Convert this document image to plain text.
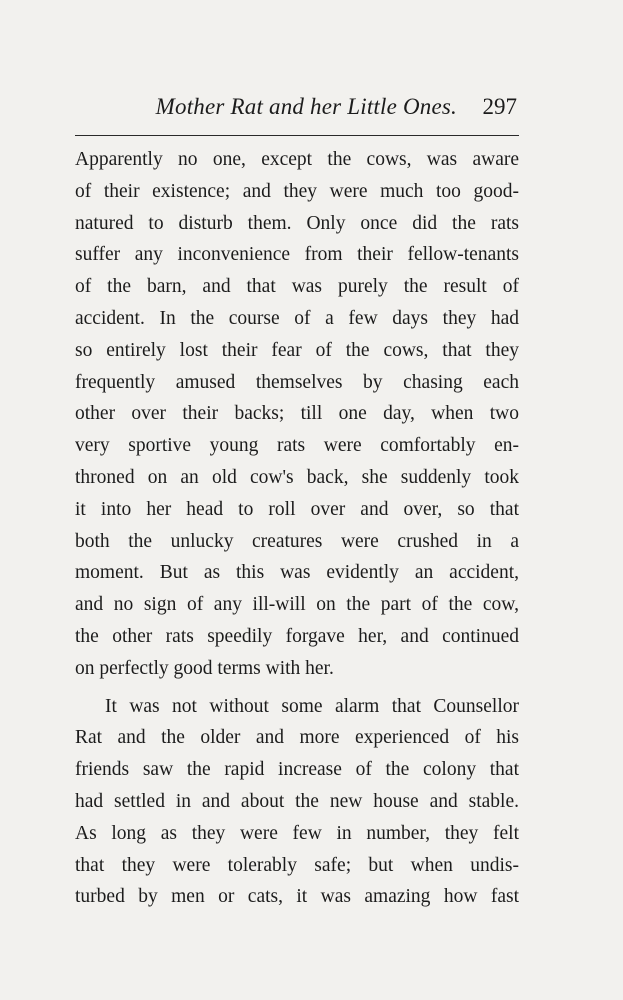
Mother Rat and her Little Ones. 297
Apparently no one, except the cows, was aware
of their existence; and they were much too good-
natured to disturb them. Only once did the rats
suffer any inconvenience from their fellow-tenants
of the barn, and that was purely the result of
accident. In the course of a few days they had
so entirely lost their fear of the cows, that they
frequently amused themselves by chasing each
other over their backs; till one day, when two
very sportive young rats were comfortably en-
throned on an old cow's back, she suddenly took
it into her head to roll over and over, so that
both the unlucky creatures were crushed in a
moment. But as this was evidently an accident,
and no sign of any ill-will on the part of the cow,
the other rats speedily forgave her, and continued
on perfectly good terms with her.
It was not without some alarm that Counsellor
Rat and the older and more experienced of his
friends saw the rapid increase of the colony that
had settled in and about the new house and stable.
As long as they were few in number, they felt
that they were tolerably safe; but when undis-
turbed by men or cats, it was amazing how fast
